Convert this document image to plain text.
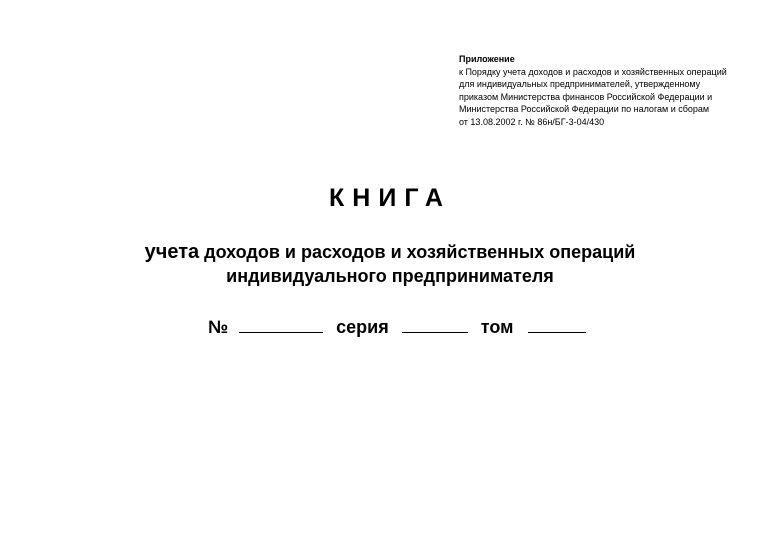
Приложение
к Порядку учета доходов и расходов и хозяйственных операций
для индивидуальных предпринимателей, утвержденному
приказом Министерства финансов Российской Федерации и
Министерства Российской Федерации по налогам и сборам
от 13.08.2002 г. № 86н/БГ-3-04/430
КНИГА
учета доходов и расходов и хозяйственных операций
индивидуального предпринимателя
№	серия	том
